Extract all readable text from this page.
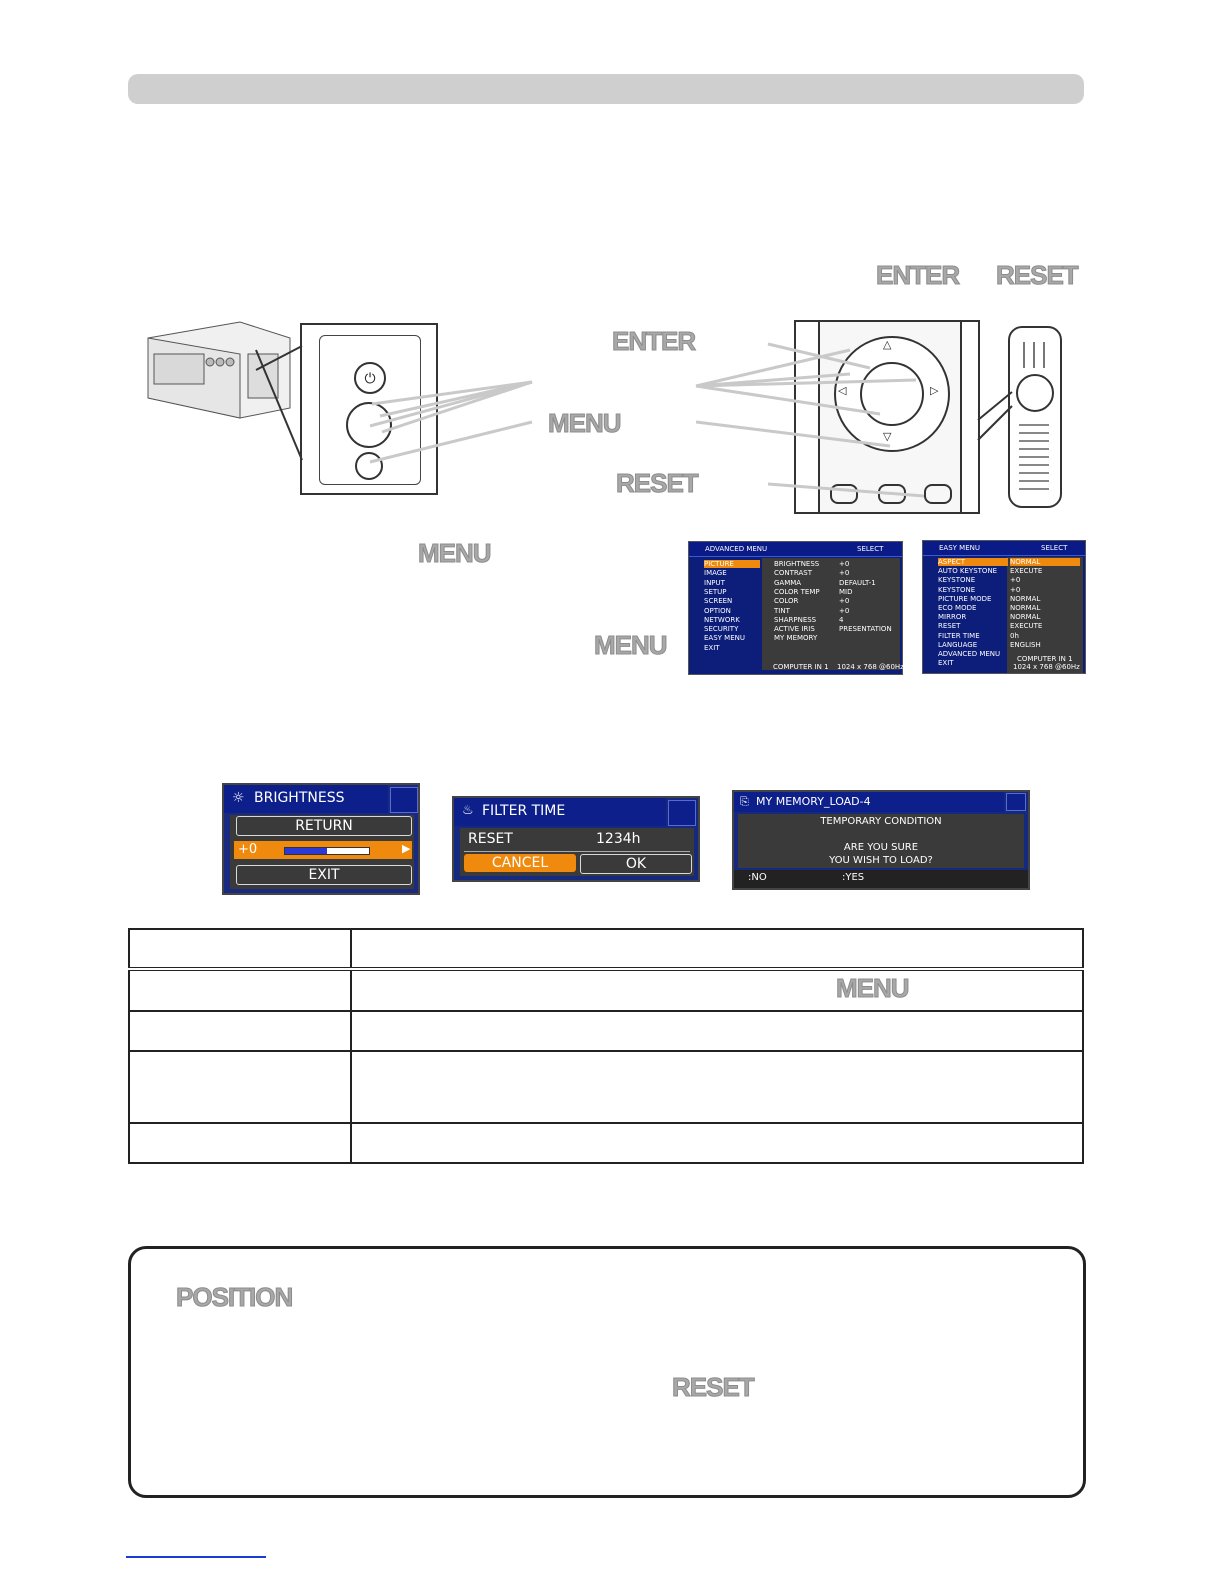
ENTER RESET
⏻
ENTER
MENU
RESET
△
▽
◁	▷
MENU
MENU
ADVANCED MENU	SELECT
PICTURE
IMAGE
INPUT
SETUP
SCREEN
OPTION
NETWORK
SECURITY
EASY MENU
EXIT
BRIGHTNESS	+0
CONTRAST	+0
GAMMA	DEFAULT-1
COLOR TEMP	MID
COLOR	+0
TINT	+0
SHARPNESS	4
ACTIVE IRIS	PRESENTATION
MY MEMORY
COMPUTER IN 1 1024 x 768 @60Hz
EASY MENU	SELECT
ASPECT	NORMAL
AUTO KEYSTONE EXECUTE
KEYSTONE	+0
KEYSTONE	+0
PICTURE MODE	NORMAL
ECO MODE	NORMAL
MIRROR	NORMAL
RESET	EXECUTE
FILTER TIME	0h
LANGUAGE	ENGLISH
ADVANCED MENU
EXIT
COMPUTER IN 1
1024 x 768 @60Hz
☼ BRIGHTNESS
RETURN
+0	▶
EXIT
♨ FILTER TIME
RESET	1234h
CANCEL	OK
⎘ MY MEMORY_LOAD-4
TEMPORARY CONDITION
ARE YOU SURE
YOU WISH TO LOAD?
:NO	:YES

	MENU

POSITION
RESET
